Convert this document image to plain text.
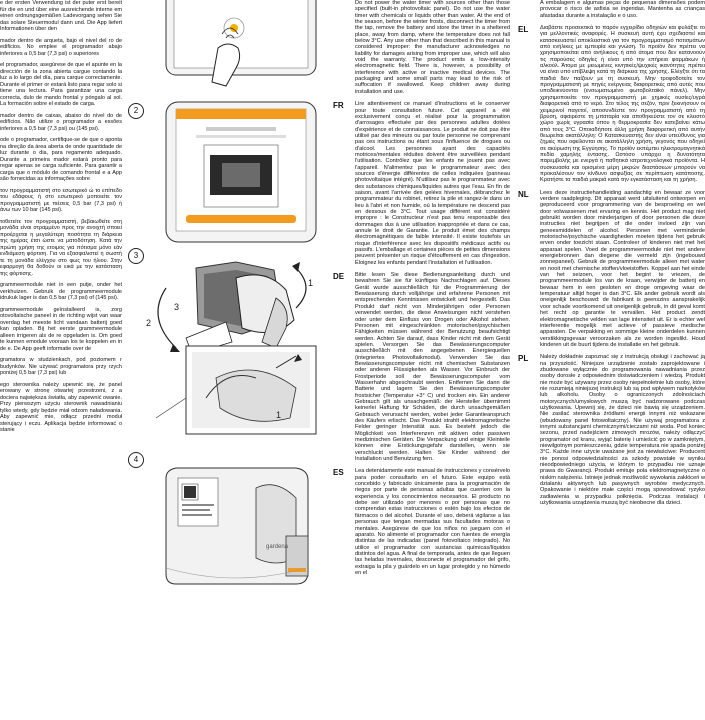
e der ersten Verwendung ist der puter erst bereit für die en und über eine ausreichende interne em einen ordnungsgemäßen Ladevorgang sehen Sie das solare Steuermodul dann und. Die App liefert Informationen über den

mador dentro de arqueta, bajo el nivel del ro de edificios. No emplee el programador abajo inferiores a 0,5 bar (7,3 psi) o superiores

el programador, asegúrese de que el apunte en la dirección de la zona abierta cargue contando la luz a lo largo del día, para carque correctamente. Durante el primer or estará listo para regar solo si tiene una lectura. Para garantizar una carga correcta, dulo de mando frontal y póngalo al sol. La formación sobre el estado de carga.

mador dentro de caixas, abaixo do nível do de edifícios. Não utilize o programador a essões inferiores a 0,5 bar (7,3 psi) ou (145 psi).

ode o programador, certifique-se de que o aponta na direção da área aberta de onde quantidade de luz durante o dia, para regamento adequado. Durante a primeira mador estará pronto para regar apenas se carga suficiente. Para garantir a carga que o módulo de comando frontal e a App são fornecidas as informações sobre

τον προγραμματιστή στο εσωτερικό ώ το επίπεδο του εδάφους ή στο εσωτερικό μοποιείτε τον προγραμματιστή με πιέσεις 0,5 bar (7,3 psi) ή άνω των 10 bar (145 psi).

τοθετείτε τον προγραμματιστή, βεβαιωθείτε στη μονάδα είναι στραμμένο προς την ανοιχτή σποιεί προέρχεται η μεγαλύτερη ποσότητα τη διάρκεια της ημέρας έτσι ώστε να ματοδότηση. Κατά την πρώτη χρήση της ετοιμος για πότισμα μόνο εάν ενδιάμεση φόρτιση. Για να εξασφαλιστεί η σωστή τε τη μονάδα ελέγχου στο φως του ήλιου. Στην εφαρμογή θα δοθούν οι εικά με την κατάσταση της φόρτισης.

grammeermodule niet in een putje, onder het verkhuizen. Gebruik de programmeermodule idrukuk lager is dan 0,5 bar (7,3 psi) of (145 psi).

grammeermodule geïnstalleerd is, zorg otovoltaïsche paneel in de richting wijst van waar overdag het meeste licht vandaan batterij goed kan opladen. Bij het eerste grammeermodule alleen irrigeren als de re opgeladen is. Om goed te kunnen emodule vooraan los te koppelen en in de e. De App geeft informatie over de

gramatora w studzienkach, pod poziomem r budynków. Nie używać programatora przy rzych poniżej 0,5 bar (7,3 psi) lub

ego sterownika należy upewnić się, że panel erowany w stronę otwartej przestrzeni, z a dociera największa światła, aby zapewnić owanie. Przy pierwszym użyciu sterownik nawadnianiu tylko wtedy, gdy będzie miał odzom naładowania. Aby zapewnić mie, odłącz przedni moduł sterujący i eczu. Aplikacja będzie informować o stanie

2
3
2
1
3
1
4
gardena

Do not power the water timer with sources other than those specified (built-in photovoltaic panel). Do not use the water timer with chemicals or liquids other than water. At the end of the season, before the winter frosts, disconnect the timer from the tap, remove the battery and store the timer in a sheltered place, away from damp, where the temperature does not fall below 3°C. Any use other than that described in this manual is considered improper: the manufacturer acknowledges no liability for damages arising from improper use, which will also void the warranty. The product emits a low-intensity electromagnetic field. There is, however, a possibility of interference with active or inactive medical devices. The packaging and some small parts may lead to the risk of suffocation if swallowed. Keep children away during installation and use.

FR Lire attentivement ce manuel d'instructions et le conserver pour toute consultation future. Cet appareil a été exclusivement conçu et réalisé pour la programmation d'arrosages effectuée par des personnes adultes dotées d'expérience et de connaissances. Le produit ne doit pas être utilisé par des mineurs ou par toute personne ne comprenant pas ces instructions ou étant sous l'influence de drogues ou d'alcool. Les personnes ayant des capacités motrices/mentales réduites doivent être surveillées pendant l'utilisation. Contrôlez que les enfants ne jouent pas avec l'appareil. N'alimentez pas le programmateur avec des sources d'énergie différentes de celles indiquées (panneau photovoltaïque intégré). N'utilisez pas le programmateur avec des substances chimiques/liquides autres que l'eau. En fin de saison, avant l'arrivée des gelées hivernales, débranchez le programmateur du robinet, retirez la pile et rangez-le dans un lieu à l'abri et non humide, où la température ne descend pas en dessous de 3°C. Tout usage différent est considéré impropre : le Constructeur n'est pas tenu responsable des dommages dus à une utilisation inappropriée et dans ce cas, annule le droit de Garantie. Le produit émet des champs électromagnétiques de faible intensité. Il existe toutefois un risque d'interférence avec les dispositifs médicaux actifs ou passifs. L'emballage et certaines pièces de petites dimensions peuvent présenter un risque d'étouffement en cas d'ingestion. Éloignez les enfants pendant l'installation et l'utilisation.

DE Bitte lesen Sie diese Bedienungsanleitung durch und bewahren Sie sie für künftiges Nachschlagen auf. Dieses Gerät wurde ausschließlich für die Programmierung der Bewässerung durch volljährige und erfahrene Personen mit entsprechenden Kenntnissen entwickelt und hergestellt. Das Produkt darf nicht von Minderjährigen oder Personen verwendet werden, die diese Anweisungen nicht verstehen oder unter dem Einfluss von Drogen oder Alkohol stehen. Personen mit eingeschränkten motorischen/psychischen Fähigkeiten müssen während der Benutzung beaufsichtigt werden. Achten Sie darauf, dass Kinder nicht mit dem Gerät spielen. Versorgen Sie das Bewässerungscomputer ausschließlich mit den angegebenen Energiequellen (integriertes Photovoltaikmodul). Verwenden Sie das Bewässerungscomputer nicht mit chemischen Substanzen oder anderen Flüssigkeiten als Wasser. Vor Einbruch der Frostperiode soll der Bewässerungscomputer vom Wasserhahn abgeschraubt werden. Entfernen Sie dann die Batterie und lagern Sie den Bewässerungscomputer frostsicher (Temperatur +3° C) und trocken ein. Ein anderer Gebrauch gilt als unsachgemäß: der Hersteller übernimmt keinerlei Haftung für Schäden, die durch unsachgemäßen Gebrauch verursacht werden, wobei jeder Garantieanspruch des Käufers erlischt. Das Produkt strahlt elektromagnetische Felder geringer Intensität aus. Es besteht jedoch die Möglichkeit von Interferenzen mit aktiven oder passiven medizinischen Geräten. Die Verpackung und einige Kleinteile können eine Erstickungsgefahr darstellen, wenn sie verschluckt werden. Halten Sie Kinder während der Installation und Benutzung fern.

ES Lea detenidamente este manual de instrucciones y consérvelo para poder consultarlo en el futuro. Este equipo está concebido y fabricado únicamente para la programación de riegos por parte de personas adultas que cuenten con la experiencia y los conocimientos necesarios. El producto no debe ser utilizado por menores o por personas que no comprendan estas instrucciones o estén bajo los efectos de fármacos o del alcohol. Durante el uso, deberá vigilarse a las personas que tengan mermadas sus facultades motoras o mentales. Asegúrese de que los niños no jueguen con el aparato. No alimente el programador con fuentes de energía distintas de las indicadas (panel fotovoltaico integrado). No utilice el programador con sustancias químicas/líquidos distintos del agua. A final de temporada, antes de que lleguen las heladas invernales, desconecte el programador del grifo, extraiga la pila y guárdelo en un lugar protegido y no húmedo en el

A embalagem e algumas peças de pequenas dimensões podem provocar o risco de asfixia se ingeridas. Mantenha as crianças afastadas durante a instalação e o uso.

EL Διαβάστε προσεκτικά το παρόν εγχειρίδιο οδηγιών και φυλάξτε το για μελλοντικές αναφορές. Η συσκευή αυτή έχει σχεδιαστεί και κατασκευαστεί αποκλειστικά για τον προγραμματισμό ποτισμάτων από ενήλικες με εμπειρία και γνώση. Το προϊόν δεν πρέπει να χρησιμοποιείται από ανήλικους ή από άτομα που δεν κατανοούν τις παρούσες οδηγίες ή είναι υπό την επήρεια φαρμάκων ή αλκοόλ. Άτομα με μειωμένες κινητικές/ψυχικές ικανότητες πρέπει να είναι υπό επίβλεψη κατά τη διάρκεια της χρήσης. Ελέγξτε ότι τα παιδιά δεν παίζουν με τη συσκευή. Μην τροφοδοτείτε τον προγραμματιστή με πηγές ενέργειας διαφορετικές από αυτές που υποδεικνύονται (ενσωματωμένο φωτοβολταϊκό πάνελ). Μην χρησιμοποιείτε τον προγραμματιστή με χημικές ουσίες/υγρά διαφορετικά από το νερό. Στο τέλος της σεζόν, πριν ξεκινήσουν οι χειμερινοί παγετοί, αποσυνδέστε τον προγραμματιστή από τη βρύση, αφαιρέστε τη μπαταρία και αποθηκεύστε τον σε κλειστό χώρο χωρίς υγρασία όπου η θερμοκρασία δεν κατεβαίνει κάτω από τους 3°C. Οποιαδήποτε άλλη χρήση διαφορετική από αυτήν θεωρείται ακατάλληλη: Ο Κατασκευαστής δεν είναι υπεύθυνος για ζημιές που οφείλονται σε ακατάλληλη χρήση, γεγονός που οδηγεί σε ακύρωση της Εγγύησης. Το προϊόν εκπέμπει ηλεκτρομαγνητικά πεδία χαμηλής έντασης. Ωστόσο υπάρχει η δυνατότητα παρεμβολής με ενεργά ή παθητικά ιατροτεχνολογικά προϊόντα. Η συσκευασία και ορισμένα μέρη μικρών διαστάσεων μπορούν να προκαλέσουν τον κίνδυνο ασφυξίας σε περίπτωση κατάποσης. Κρατήστε τα παιδιά μακριά κατά την εγκατάσταση και τη χρήση.

NL Lees deze instructiehandleiding aandachtig en bewaar ze voor verdere raadpleging. Dit apparaat werd uitsluitend ontworpen en geproduceerd voor programmering van de besproeiing en wel door volwassenen met ervaring en kennis. Het product mag niet gebruikt worden door minderjarigen of door personen die deze instructies niet begrijpen of die onder invloed zijn van geneesmiddelen of alcohol. Personen met verminderde motorische/psychische vaardigheden moeten tijdens het gebruik erven onder toezicht staan. Controleer of kinderen niet met het apparaat spelen. Voed de programmeermodule niet met andere energiebronnen dan diegene die vermeld zijn (ingebouwd zonnepaneel). Gebruik de programmeermodule alleen met water en nooit met chemische stoffen/vloeistoffen. Koppel aan het einde van het seizoen, voor het begint te vriezen, de programmeermodule los van de kraan, verwijder de batterij en bewaar hem in een gesloten en droge omgeving waar de temperatuur altijd hoger is dan 3°C. Elk ander gebruik wordt als oneigenlijk beschouwd: de fabrikant is geenszins aansprakelijk voor schade voortkomend uit oneigenlijk gebruik, in dit geval komt het recht op garantie te vervallen. Het product zendt elektromagnetische velden van lage intensiteit uit. Er is echter wel interferentie mogelijk met actieve of passieve medische apparaten. De verpakking en sommige kleine onderdelen kunnen verstikkingsgevaar veroorzaken als ze worden ingeslikt. Houd kinderen uit de buurt tijdens de installatie en het gebruik.

PL Należy dokładnie zapoznać się z instrukcją obsługi i zachować ją na przyszłość. Niniejsze urządzenie zostało zaprojektowane i zbudowane wyłącznie do programowania nawadniania przez osoby dorosłe z odpowiednim doświadczeniem i wiedzą. Produkt nie może być używany przez osoby niepełnoletnie lub osoby, które nie rozumieją niniejszej instrukcji lub są pod wpływem narkotyków lub alkoholu. Osoby o ograniczonych zdolnościach motorycznych/umysłowych muszą być nadzorowane podczas użytkowania. Upewnij się, że dzieci nie bawią się urządzeniem. Nie zasilać sterownika źródłami energii innymi niż wskazane (wbudowany panel fotowoltaiczny). Nie używaj programatora z innymi substancjami chemicznymi/cieczami niż woda. Pod koniec sezonu, przed nadejściem zimowych mrozów, należy odłączyć programator od kranu, wyjąć baterię i umieścić go w zamkniętym, niewilgotnym pomieszczeniu, gdzie temperatura nie spada poniżej 3°C. Każde inne użycie uważane jest za niewłaściwe: Producent nie ponosi odpowiedzialności za szkody powstałe w wyniku nieodpowiedniego użycia, w którym to przypadku nie uznaje prawa do Gwarancji. Produkt emituje pola elektromagnetyczne o niskim natężeniu. Istnieje jednak możliwość wywołania zakłóceń w działaniu aktywnych lub pasywnych wyrobów medycznych. Opakowanie i niektóre małe części mogą spowodować ryzyko zadławienia w przypadku połknięcia. Podczas instalacji i użytkowania urządzenia muszą być nieobecne dla dzieci.
